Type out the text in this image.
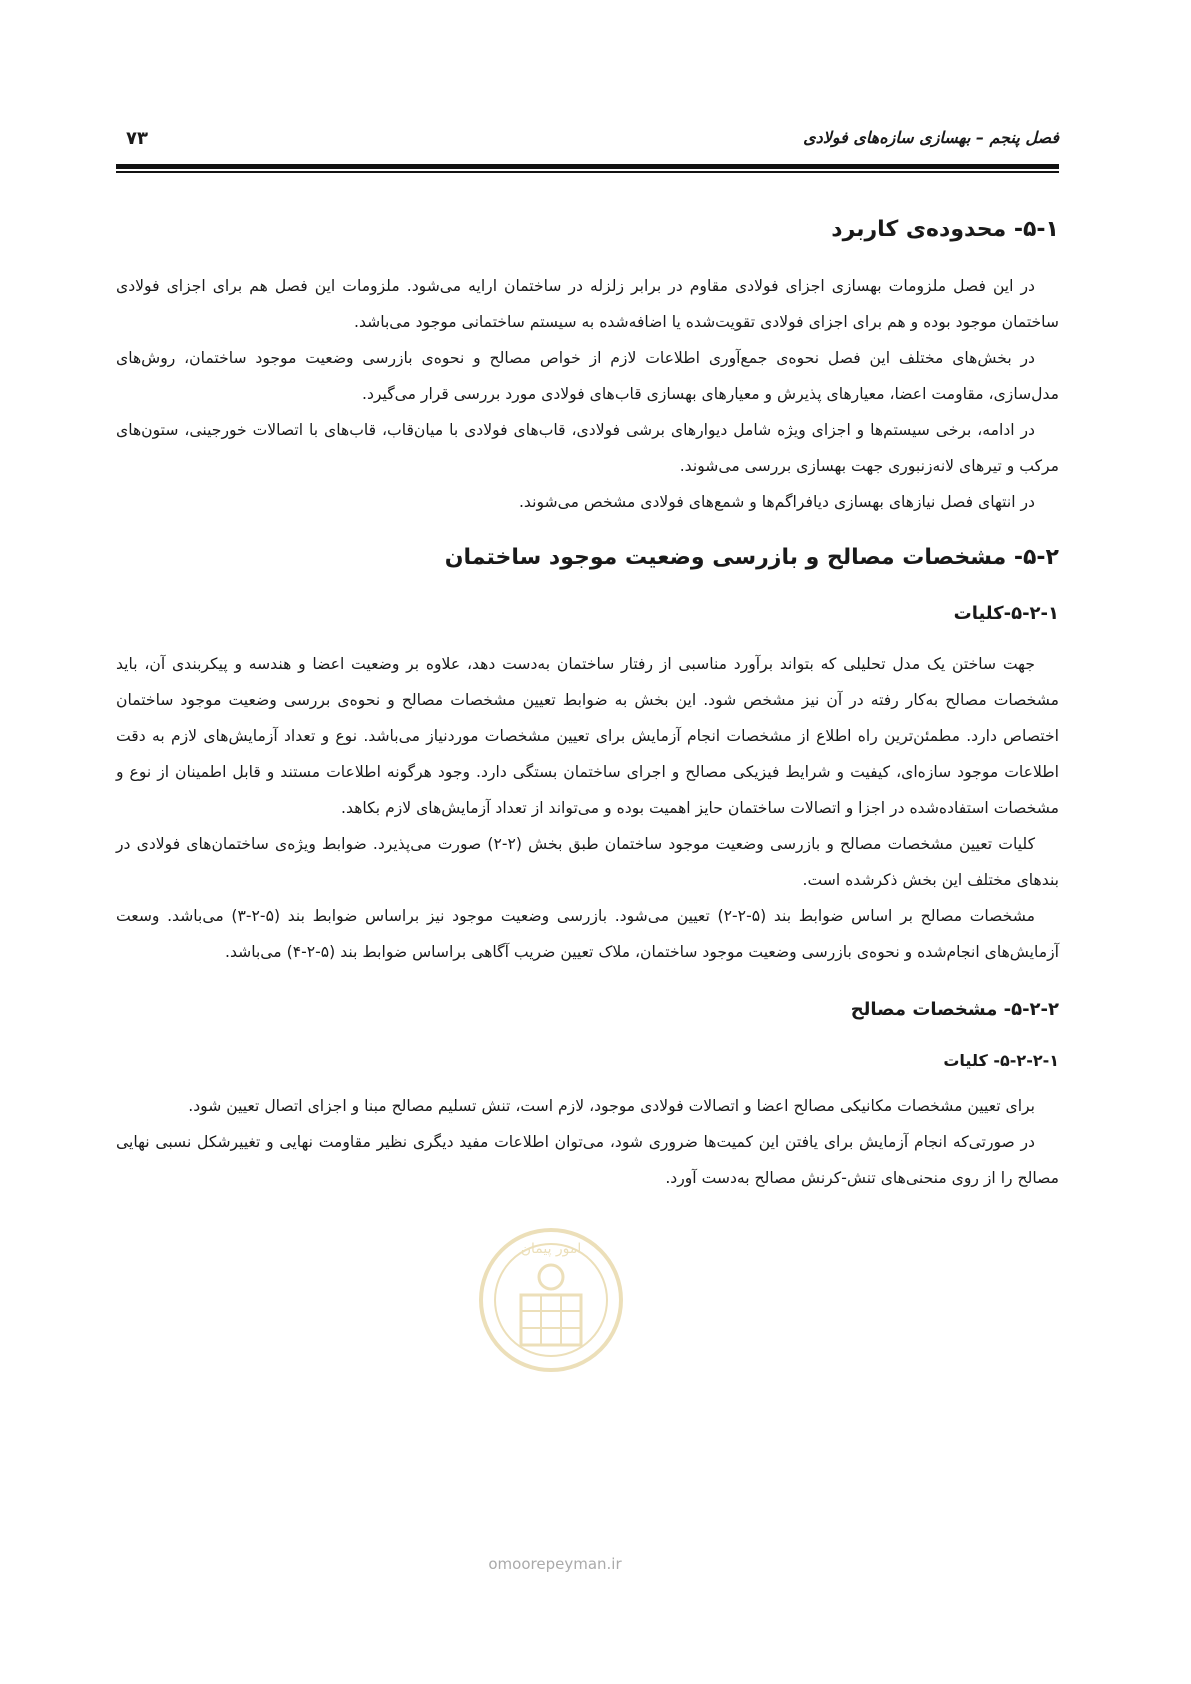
فصل پنجم – بهسازی سازه‌های فولادی
۷۳
۵-۱- محدوده‌ی کاربرد

در این فصل ملزومات بهسازی اجزای فولادی مقاوم در برابر زلزله در ساختمان ارایه می‌شود. ملزومات این فصل هم برای اجزای فولادی ساختمان موجود بوده و هم برای اجزای فولادی تقویت‌شده یا اضافه‌شده به سیستم ساختمانی موجود می‌باشد.

در بخش‌های مختلف این فصل نحوه‌ی جمع‌آوری اطلاعات لازم از خواص مصالح و نحوه‌ی بازرسی وضعیت موجود ساختمان، روش‌های مدل‌سازی، مقاومت اعضا، معیارهای پذیرش و معیارهای بهسازی قاب‌های فولادی مورد بررسی قرار می‌گیرد.

در ادامه، برخی سیستم‌ها و اجزای ویژه شامل دیوارهای برشی فولادی، قاب‌های فولادی با میان‌قاب، قاب‌های با اتصالات خورجینی، ستون‌های مرکب و تیرهای لانه‌زنبوری جهت بهسازی بررسی می‌شوند.

در انتهای فصل نیازهای بهسازی دیافراگم‌ها و شمع‌های فولادی مشخص می‌شوند.

۵-۲- مشخصات مصالح و بازرسی وضعیت موجود ساختمان
۵-۲-۱-کلیات

جهت ساختن یک مدل تحلیلی که بتواند برآورد مناسبی از رفتار ساختمان به‌دست دهد، علاوه بر وضعیت اعضا و هندسه و پیکربندی آن، باید مشخصات مصالح به‌کار رفته در آن نیز مشخص شود. این بخش به ضوابط تعیین مشخصات مصالح و نحوه‌ی بررسی وضعیت موجود ساختمان اختصاص دارد. مطمئن‌ترین راه اطلاع از مشخصات انجام آزمایش برای تعیین مشخصات موردنیاز می‌باشد. نوع و تعداد آزمایش‌های لازم به دقت اطلاعات موجود سازه‌ای، کیفیت و شرایط فیزیکی مصالح و اجرای ساختمان بستگی دارد. وجود هرگونه اطلاعات مستند و قابل اطمینان از نوع و مشخصات استفاده‌شده در اجزا و اتصالات ساختمان حایز اهمیت بوده و می‌تواند از تعداد آزمایش‌های لازم بکاهد.

کلیات تعیین مشخصات مصالح و بازرسی وضعیت موجود ساختمان طبق بخش (۲-۲) صورت می‌پذیرد. ضوابط ویژه‌ی ساختمان‌های فولادی در بندهای مختلف این بخش ذکرشده است.

مشخصات مصالح بر اساس ضوابط بند (۵-۲-۲) تعیین می‌شود. بازرسی وضعیت موجود نیز براساس ضوابط بند (۵-۲-۳) می‌باشد. وسعت آزمایش‌های انجام‌شده و نحوه‌ی بازرسی وضعیت موجود ساختمان، ملاک تعیین ضریب آگاهی براساس ضوابط بند (۵-۲-۴) می‌باشد.

۵-۲-۲- مشخصات مصالح
۵-۲-۲-۱- کلیات

برای تعیین مشخصات مکانیکی مصالح اعضا و اتصالات فولادی موجود، لازم است، تنش تسلیم مصالح مبنا و اجزای اتصال تعیین شود.

در صورتی‌که انجام آزمایش برای یافتن این کمیت‌ها ضروری شود، می‌توان اطلاعات مفید دیگری نظیر مقاومت نهایی و تغییرشکل نسبی نهایی مصالح را از روی منحنی‌های تنش-کرنش مصالح به‌دست آورد.

امور پیمان
omoorepeyman.ir
